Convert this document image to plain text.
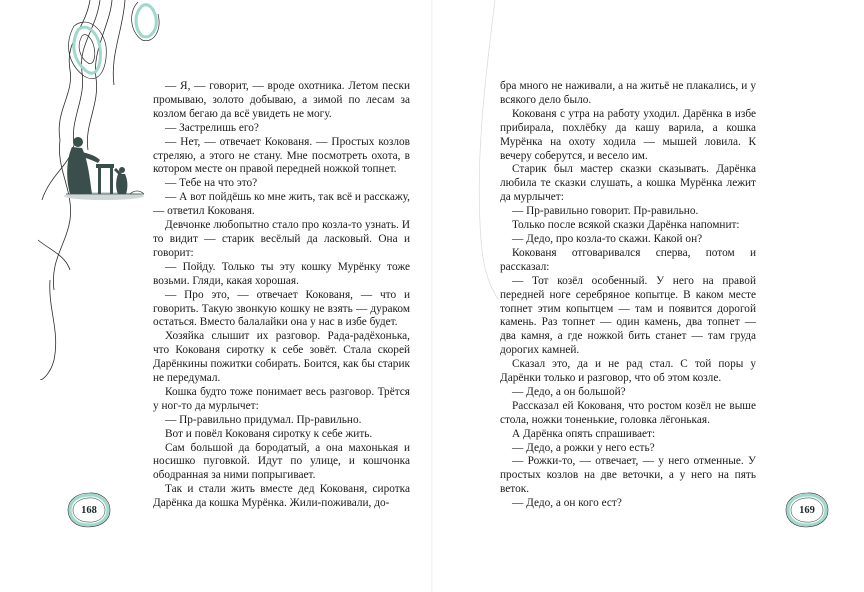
— Я, — говорит, — вроде охотника. Летом пески промываю, золото добываю, а зимой по лесам за козлом бегаю да всё увидеть не могу.

— Застрелишь его?

— Нет, — отвечает Кокованя. — Простых козлов стреляю, а этого не стану. Мне посмотреть охота, в котором месте он правой передней ножкой топнет.

— Тебе на что это?

— А вот пойдёшь ко мне жить, так всё и расскажу, — ответил Кокованя.

Девчонке любопытно стало про козла-то узнать. И то видит — старик весёлый да ласковый. Она и говорит:

— Пойду. Только ты эту кошку Мурёнку тоже возьми. Гляди, какая хорошая.

— Про это, — отвечает Кокованя, — что и говорить. Такую звонкую кошку не взять — дураком остаться. Вместо балалайки она у нас в избе будет.

Хозяйка слышит их разговор. Рада-радёхонька, что Кокованя сиротку к себе зовёт. Стала скорей Дарёнкины пожитки собирать. Боится, как бы старик не передумал.

Кошка будто тоже понимает весь разговор. Трётся у ног-то да мурлычет:

— Пр-равильно придумал. Пр-равильно.

Вот и повёл Кокованя сиротку к себе жить.

Сам большой да бородатый, а она махонькая и носишко пуговкой. Идут по улице, и кошчонка ободранная за ними попрыгивает.

Так и стали жить вместе дед Кокованя, сиротка Дарёнка да кошка Мурёнка. Жили-поживали, до-

бра много не наживали, а на житьё не плакались, и у всякого дело было.

Кокованя с утра на работу уходил. Дарёнка в избе прибирала, похлёбку да кашу варила, а кошка Мурёнка на охоту ходила — мышей ловила. К вечеру соберутся, и весело им.

Старик был мастер сказки сказывать. Дарёнка любила те сказки слушать, а кошка Мурёнка лежит да мурлычет:

— Пр-равильно говорит. Пр-равильно.

Только после всякой сказки Дарёнка напомнит:

— Дедо, про козла-то скажи. Какой он?

Кокованя отговаривался сперва, потом и рассказал:

— Тот козёл особенный. У него на правой передней ноге серебряное копытце. В каком месте топнет этим копытцем — там и появится дорогой камень. Раз топнет — один камень, два топнет — два камня, а где ножкой бить станет — там груда дорогих камней.

Сказал это, да и не рад стал. С той поры у Дарёнки только и разговор, что об этом козле.

— Дедо, а он большой?

Рассказал ей Кокованя, что ростом козёл не выше стола, ножки тоненькие, головка лёгонькая.

А Дарёнка опять спрашивает:

— Дедо, а рожки у него есть?

— Рожки-то, — отвечает, — у него отменные. У простых козлов на две веточки, а у него на пять веток.

— Дедо, а он кого ест?

168	169
